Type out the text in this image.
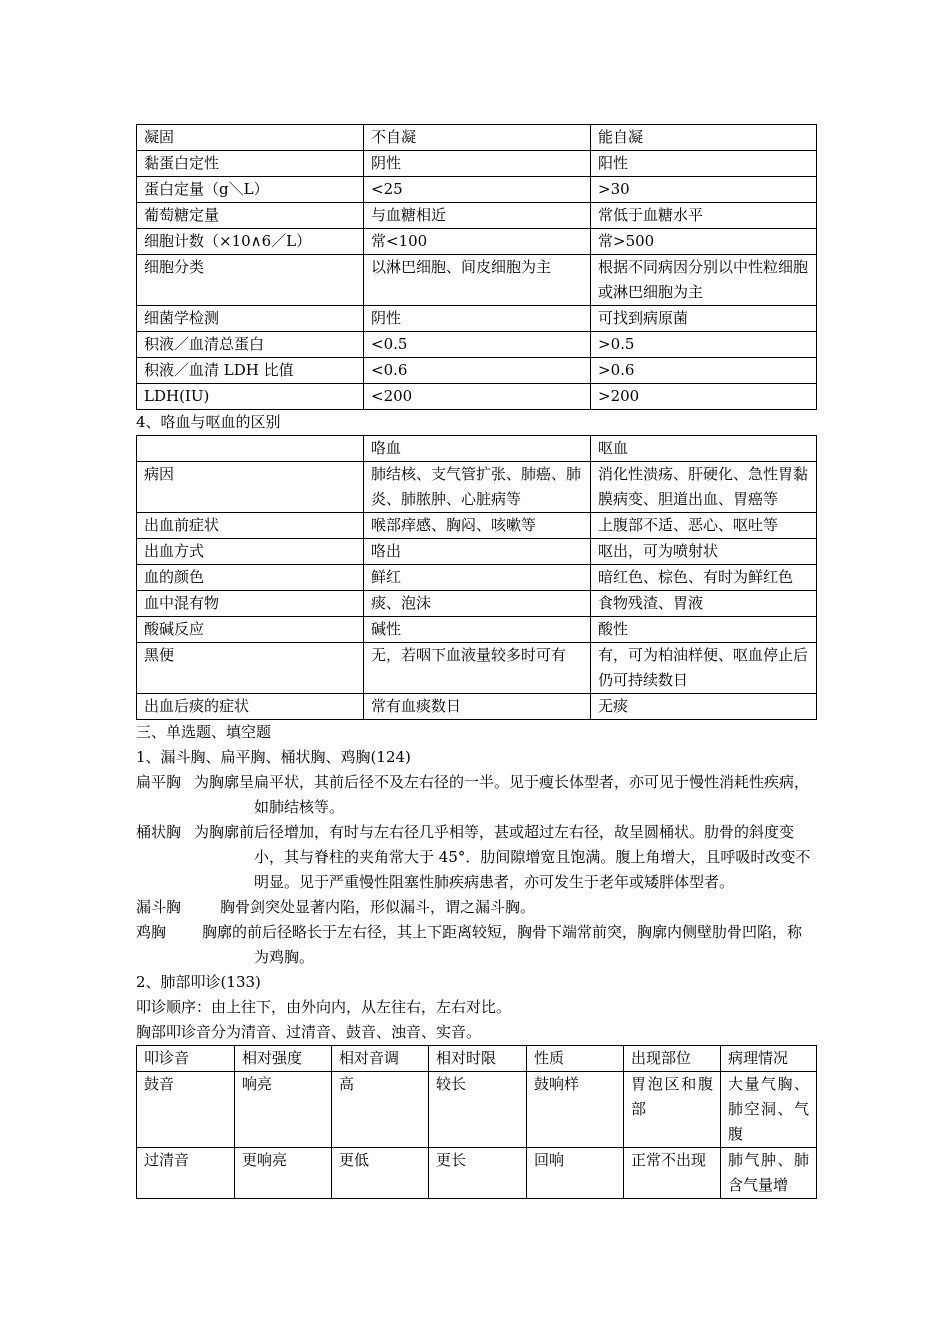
凝固	不自凝	能自凝
黏蛋白定性	阴性	阳性
蛋白定量（g＼L）	<25	>30
葡萄糖定量	与血糖相近	常低于血糖水平
细胞计数（×10∧6／L）	常<100	常>500
细胞分类	以淋巴细胞、间皮细胞为主	根据不同病因分别以中性粒细胞或淋巴细胞为主
细菌学检测	阴性	可找到病原菌
积液／血清总蛋白	<0.5	>0.5
积液／血清 LDH 比值	<0.6	>0.6
LDH(IU)	<200	>200
4、咯血与呕血的区别
	咯血	呕血
病因	肺结核、支气管扩张、肺癌、肺炎、肺脓肿、心脏病等	消化性溃疡、肝硬化、急性胃黏膜病变、胆道出血、胃癌等
出血前症状	喉部痒感、胸闷、咳嗽等	上腹部不适、恶心、呕吐等
出血方式	咯出	呕出，可为喷射状
血的颜色	鲜红	暗红色、棕色、有时为鲜红色
血中混有物	痰、泡沫	食物残渣、胃液
酸碱反应	碱性	酸性
黑便	无，若咽下血液量较多时可有	有，可为柏油样便、呕血停止后仍可持续数日
出血后痰的症状	常有血痰数日	无痰
三、单选题、填空题
1、漏斗胸、扁平胸、桶状胸、鸡胸(124)
扁平胸 为胸廓呈扁平状，其前后径不及左右径的一半。见于瘦长体型者，亦可见于慢性消耗性疾病，如肺结核等。
桶状胸 为胸廓前后径增加，有时与左右径几乎相等，甚或超过左右径，故呈圆桶状。肋骨的斜度变小，其与脊柱的夹角常大于 45°．肋间隙增宽且饱满。腹上角增大，且呼吸时改变不明显。见于严重慢性阻塞性肺疾病患者，亦可发生于老年或矮胖体型者。
漏斗胸	胸骨剑突处显著内陷，形似漏斗，谓之漏斗胸。
鸡胸 胸廓的前后径略长于左右径，其上下距离较短，胸骨下端常前突，胸廓内侧壁肋骨凹陷，称为鸡胸。
2、肺部叩诊(133)
叩诊顺序：由上往下，由外向内，从左往右，左右对比。
胸部叩诊音分为清音、过清音、鼓音、浊音、实音。
叩诊音	相对强度	相对音调	相对时限	性质	出现部位	病理情况
鼓音	响亮	高	较长	鼓响样	胃泡区和腹部	大量气胸、肺空洞、气腹
过清音	更响亮	更低	更长	回响	正常不出现	肺气肿、肺含气量增
